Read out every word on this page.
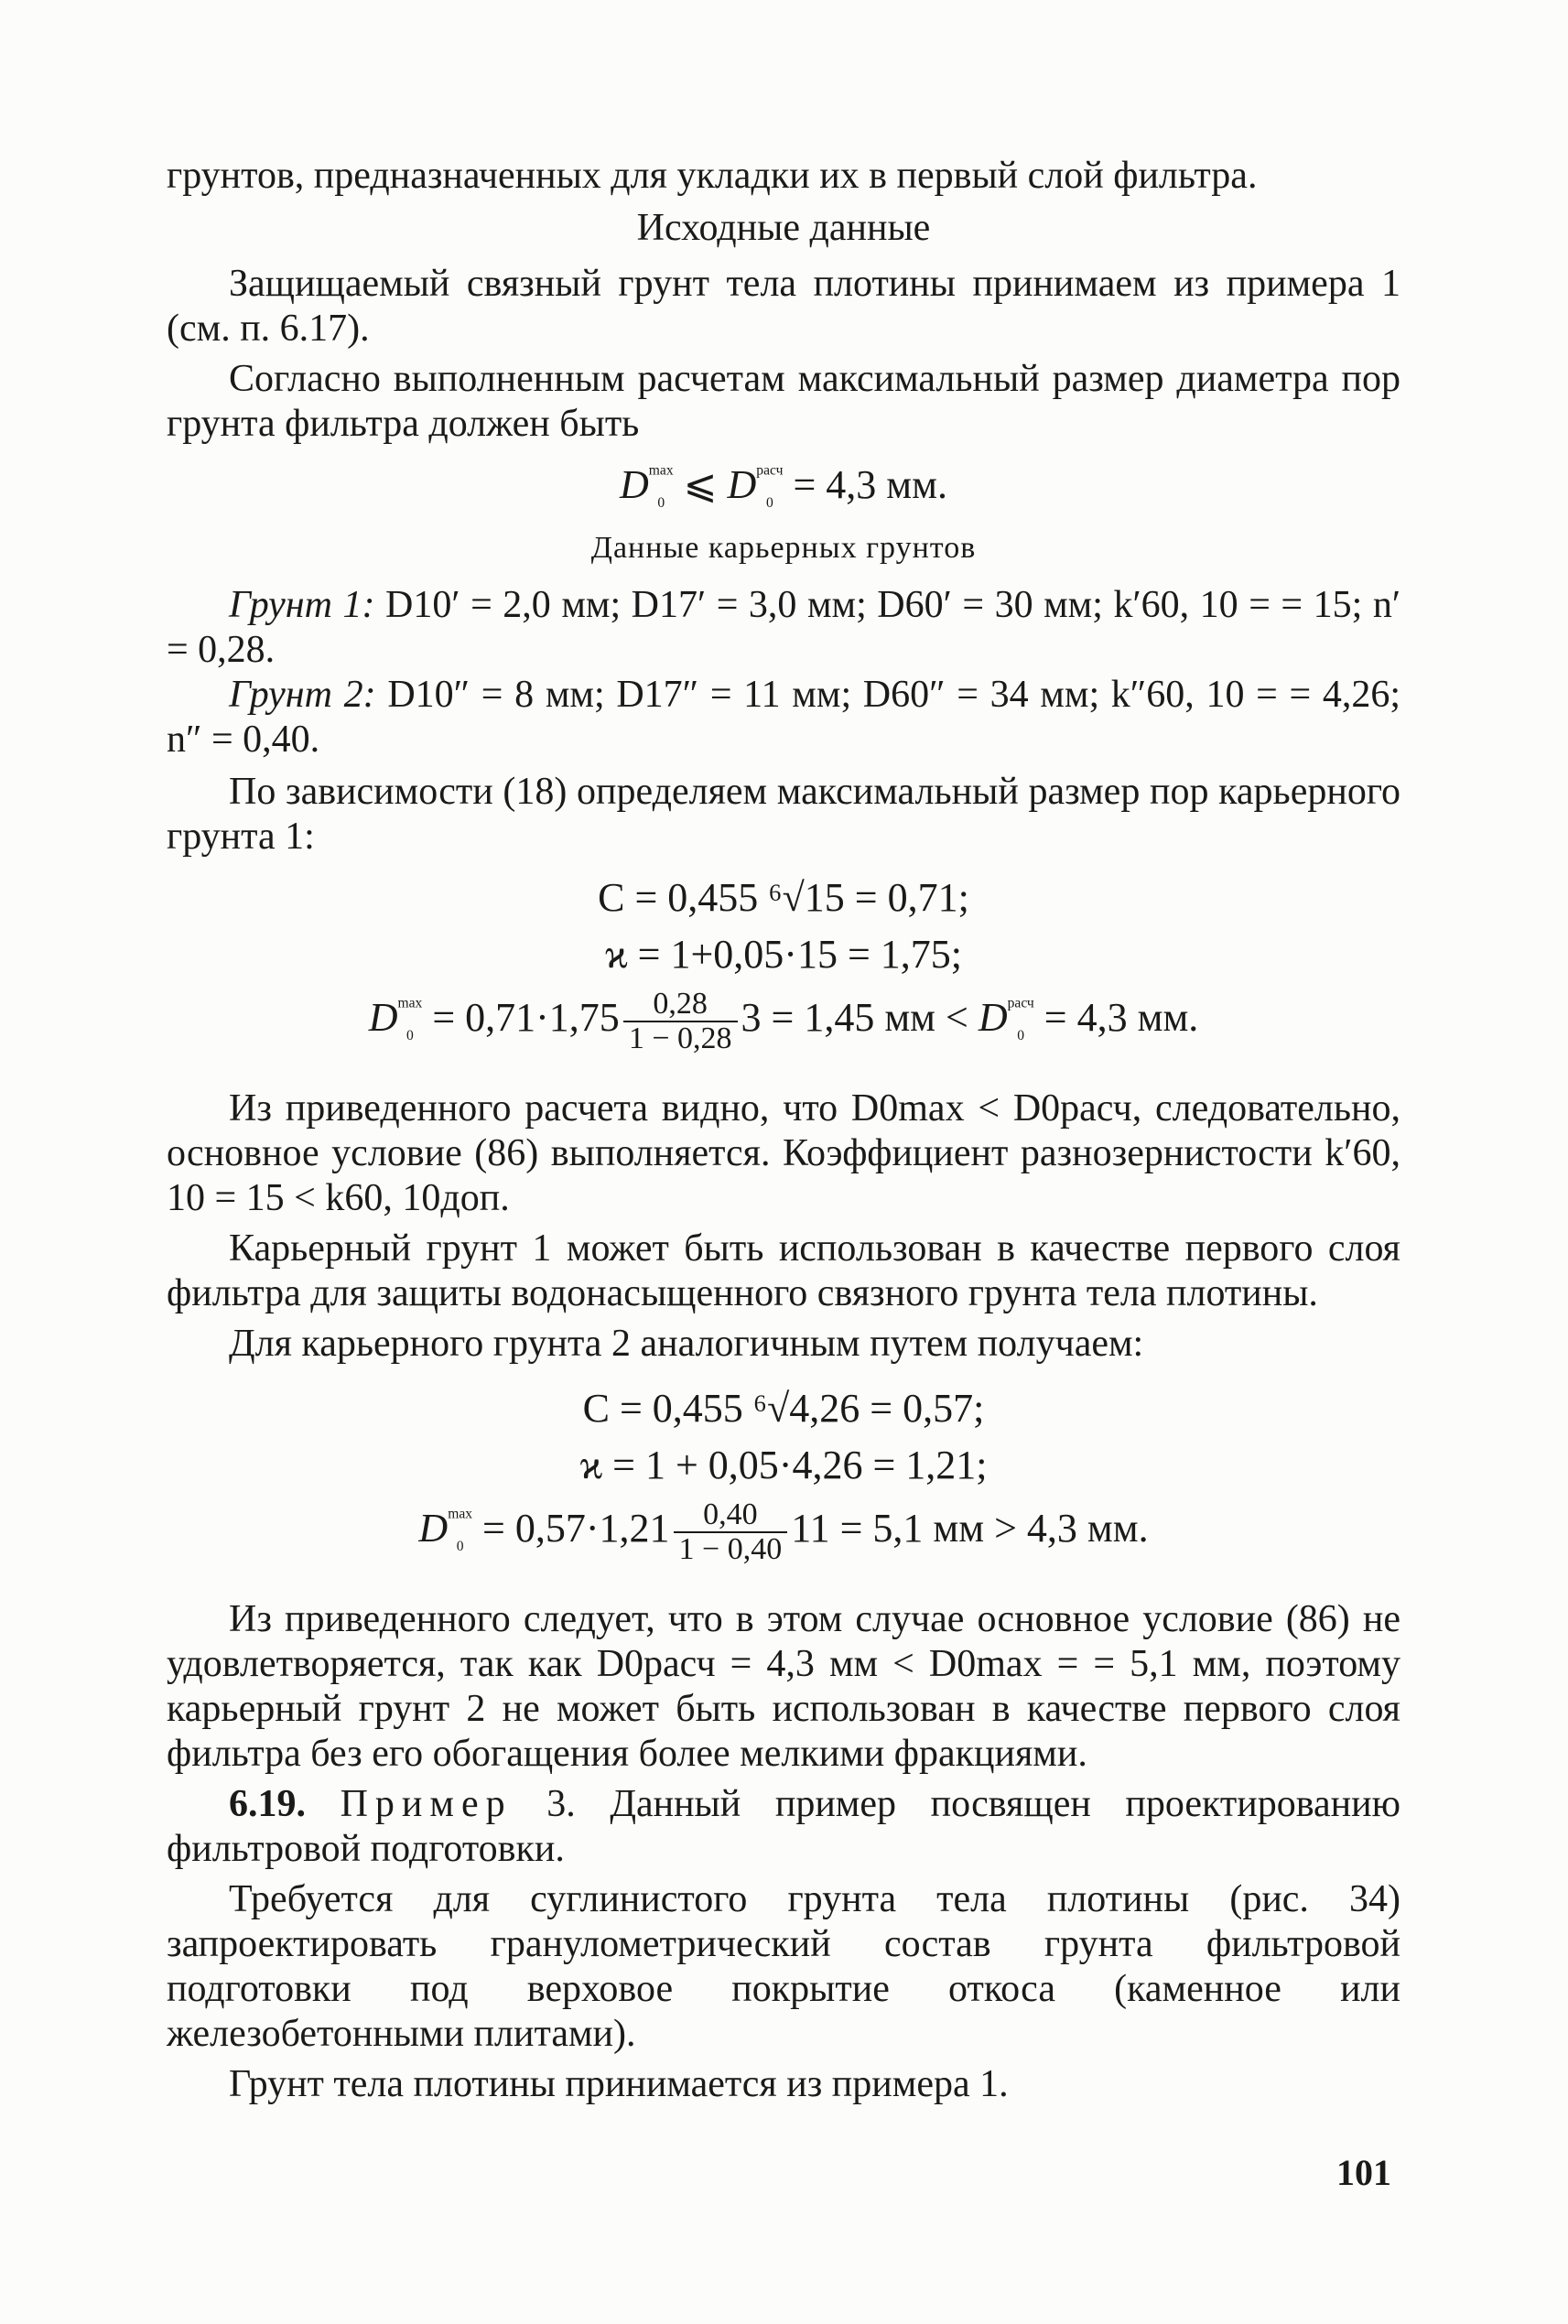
грунтов, предназначенных для укладки их в первый слой фильтра.

Исходные данные

Защищаемый связный грунт тела плотины принимаем из примера 1 (см. п. 6.17).

Согласно выполненным расчетам максимальный размер диаметра пор грунта фильтра должен быть

$D^{max}$
$_0$ ⩽ $D^{расч}$
$_0$ = 4,3 мм.

Данные карьерных грунтов

Грунт 1: D10′ = 2,0 мм; D17′ = 3,0 мм; D60′ = 30 мм; k′60, 10 = = 15; n′ = 0,28.

Грунт 2: D10″ = 8 мм; D17″ = 11 мм; D60″ = 34 мм; k″60, 10 = = 4,26; n″ = 0,40.

По зависимости (18) определяем максимальный размер пор карьерного грунта 1:

C = 0,455 ⁶√15 = 0,71;
ϰ = 1+0,05·15 = 1,75;
$D^{max}$
$_0 = 0,71\cdot 1,75 \frac{0,28}{1 - 0,28} 3 = 1,45$ мм < $D^{расч}$
$_0$ = 4,3 мм.

Из приведенного расчета видно, что D0max < D0расч, следовательно, основное условие (86) выполняется. Коэффициент разнозернистости k′60, 10 = 15 < k60, 10доп.

Карьерный грунт 1 может быть использован в качестве первого слоя фильтра для защиты водонасыщенного связного грунта тела плотины.

Для карьерного грунта 2 аналогичным путем получаем:

C = 0,455 ⁶√4,26 = 0,57;
ϰ = 1 + 0,05·4,26 = 1,21;
$D^{max}$
$_0 = 0,57\cdot 1,21 \frac{0,40}{1 - 0,40} 11 = 5,1$ мм > 4,3 мм.

Из приведенного следует, что в этом случае основное условие (86) не удовлетворяется, так как D0расч = 4,3 мм < D0max = = 5,1 мм, поэтому карьерный грунт 2 не может быть использован в качестве первого слоя фильтра без его обогащения более мелкими фракциями.

6.19. Пример 3. Данный пример посвящен проектированию фильтровой подготовки.

Требуется для суглинистого грунта тела плотины (рис. 34) запроектировать гранулометрический состав грунта фильтровой подготовки под верховое покрытие откоса (каменное или железобетонными плитами).

Грунт тела плотины принимается из примера 1.

101
